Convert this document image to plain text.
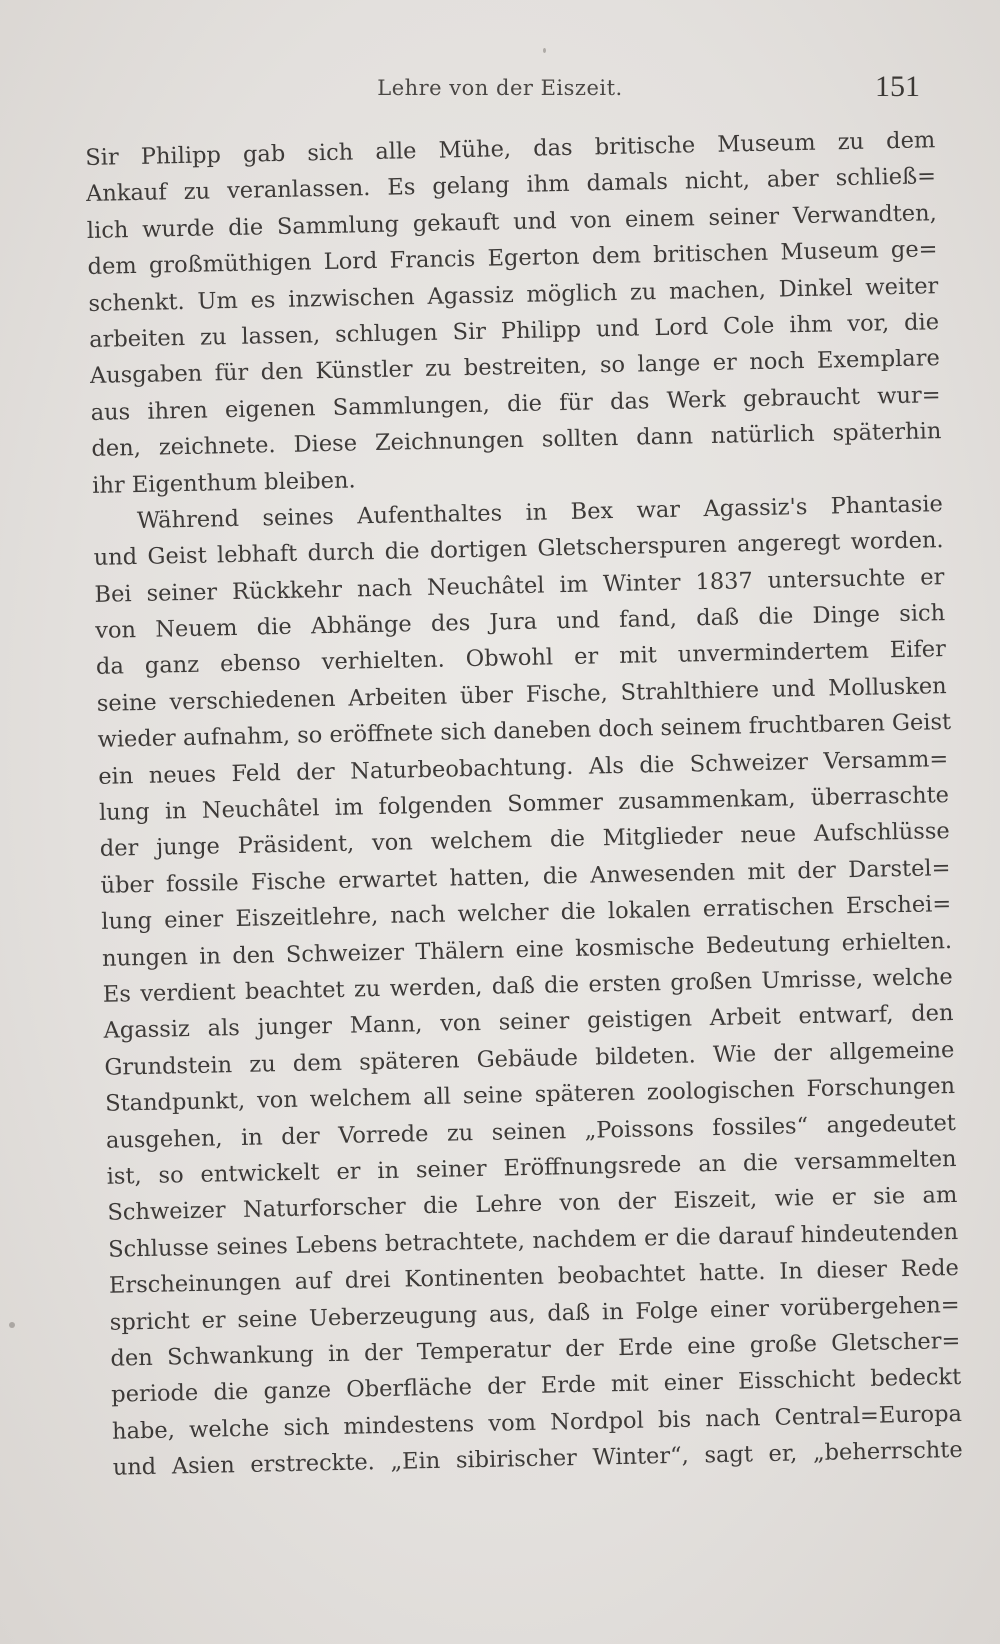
Lehre von der Eiszeit.	151
Sir Philipp gab sich alle Mühe, das britische Museum zu dem
Ankauf zu veranlassen. Es gelang ihm damals nicht, aber schließ=
lich wurde die Sammlung gekauft und von einem seiner Verwandten,
dem großmüthigen Lord Francis Egerton dem britischen Museum ge=
schenkt. Um es inzwischen Agassiz möglich zu machen, Dinkel weiter
arbeiten zu lassen, schlugen Sir Philipp und Lord Cole ihm vor, die
Ausgaben für den Künstler zu bestreiten, so lange er noch Exemplare
aus ihren eigenen Sammlungen, die für das Werk gebraucht wur=
den, zeichnete. Diese Zeichnungen sollten dann natürlich späterhin
ihr Eigenthum bleiben.
Während seines Aufenthaltes in Bex war Agassiz's Phantasie
und Geist lebhaft durch die dortigen Gletscherspuren angeregt worden.
Bei seiner Rückkehr nach Neuchâtel im Winter 1837 untersuchte er
von Neuem die Abhänge des Jura und fand, daß die Dinge sich
da ganz ebenso verhielten. Obwohl er mit unvermindertem Eifer
seine verschiedenen Arbeiten über Fische, Strahlthiere und Mollusken
wieder aufnahm, so eröffnete sich daneben doch seinem fruchtbaren Geist
ein neues Feld der Naturbeobachtung. Als die Schweizer Versamm=
lung in Neuchâtel im folgenden Sommer zusammenkam, überraschte
der junge Präsident, von welchem die Mitglieder neue Aufschlüsse
über fossile Fische erwartet hatten, die Anwesenden mit der Darstel=
lung einer Eiszeitlehre, nach welcher die lokalen erratischen Erschei=
nungen in den Schweizer Thälern eine kosmische Bedeutung erhielten.
Es verdient beachtet zu werden, daß die ersten großen Umrisse, welche
Agassiz als junger Mann, von seiner geistigen Arbeit entwarf, den
Grundstein zu dem späteren Gebäude bildeten. Wie der allgemeine
Standpunkt, von welchem all seine späteren zoologischen Forschungen
ausgehen, in der Vorrede zu seinen „Poissons fossiles“ angedeutet
ist, so entwickelt er in seiner Eröffnungsrede an die versammelten
Schweizer Naturforscher die Lehre von der Eiszeit, wie er sie am
Schlusse seines Lebens betrachtete, nachdem er die darauf hindeutenden
Erscheinungen auf drei Kontinenten beobachtet hatte. In dieser Rede
spricht er seine Ueberzeugung aus, daß in Folge einer vorübergehen=
den Schwankung in der Temperatur der Erde eine große Gletscher=
periode die ganze Oberfläche der Erde mit einer Eisschicht bedeckt
habe, welche sich mindestens vom Nordpol bis nach Central=Europa
und Asien erstreckte. „Ein sibirischer Winter“, sagt er, „beherrschte
